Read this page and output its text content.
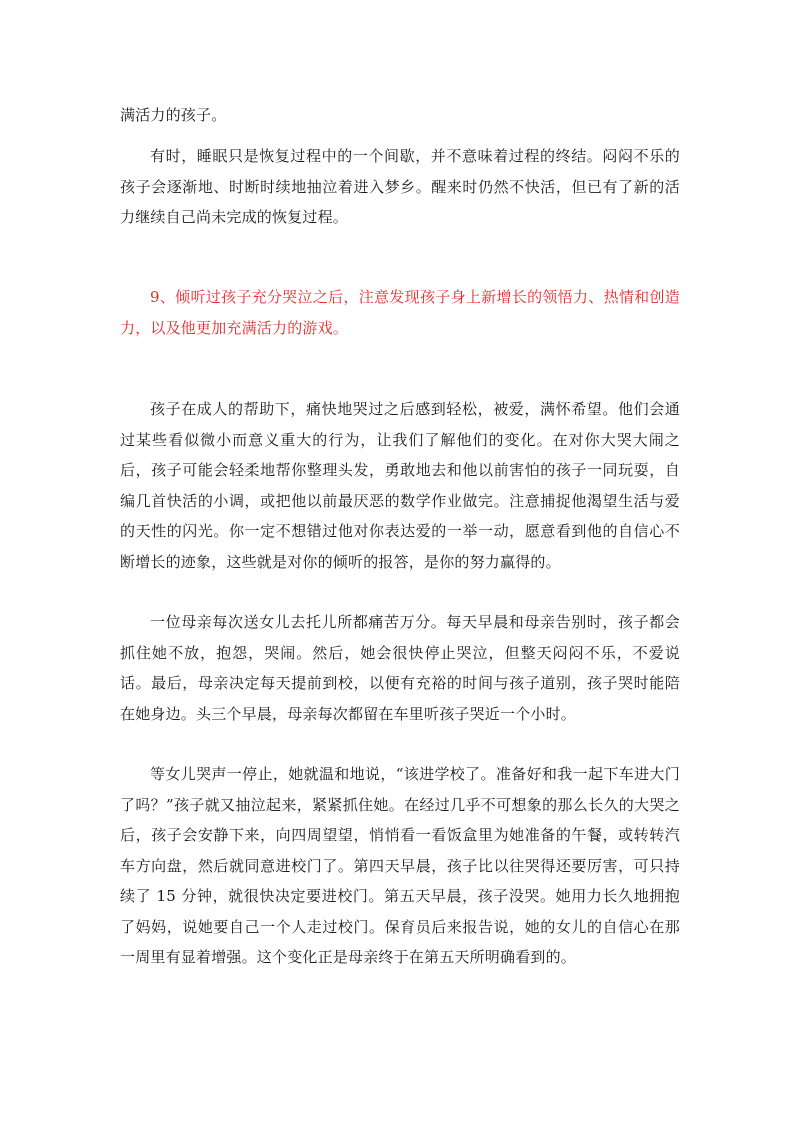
满活力的孩子。

有时，睡眠只是恢复过程中的一个间歇，并不意味着过程的终结。闷闷不乐的孩子会逐渐地、时断时续地抽泣着进入梦乡。醒来时仍然不快活，但已有了新的活力继续自己尚未完成的恢复过程。

9、倾听过孩子充分哭泣之后，注意发现孩子身上新增长的领悟力、热情和创造力，以及他更加充满活力的游戏。

孩子在成人的帮助下，痛快地哭过之后感到轻松，被爱，满怀希望。他们会通过某些看似微小而意义重大的行为，让我们了解他们的变化。在对你大哭大闹之后，孩子可能会轻柔地帮你整理头发，勇敢地去和他以前害怕的孩子一同玩耍，自编几首快活的小调，或把他以前最厌恶的数学作业做完。注意捕捉他渴望生活与爱的天性的闪光。你一定不想错过他对你表达爱的一举一动，愿意看到他的自信心不断增长的迹象，这些就是对你的倾听的报答，是你的努力赢得的。

一位母亲每次送女儿去托儿所都痛苦万分。每天早晨和母亲告别时，孩子都会抓住她不放，抱怨，哭闹。然后，她会很快停止哭泣，但整天闷闷不乐，不爱说话。最后，母亲决定每天提前到校，以便有充裕的时间与孩子道别，孩子哭时能陪在她身边。头三个早晨，母亲每次都留在车里听孩子哭近一个小时。

等女儿哭声一停止，她就温和地说，“该进学校了。准备好和我一起下车进大门了吗？”孩子就又抽泣起来，紧紧抓住她。在经过几乎不可想象的那么长久的大哭之后，孩子会安静下来，向四周望望，悄悄看一看饭盒里为她准备的午餐，或转转汽车方向盘，然后就同意进校门了。第四天早晨，孩子比以往哭得还要厉害，可只持续了 15 分钟，就很快决定要进校门。第五天早晨，孩子没哭。她用力长久地拥抱了妈妈，说她要自己一个人走过校门。保育员后来报告说，她的女儿的自信心在那一周里有显着增强。这个变化正是母亲终于在第五天所明确看到的。
